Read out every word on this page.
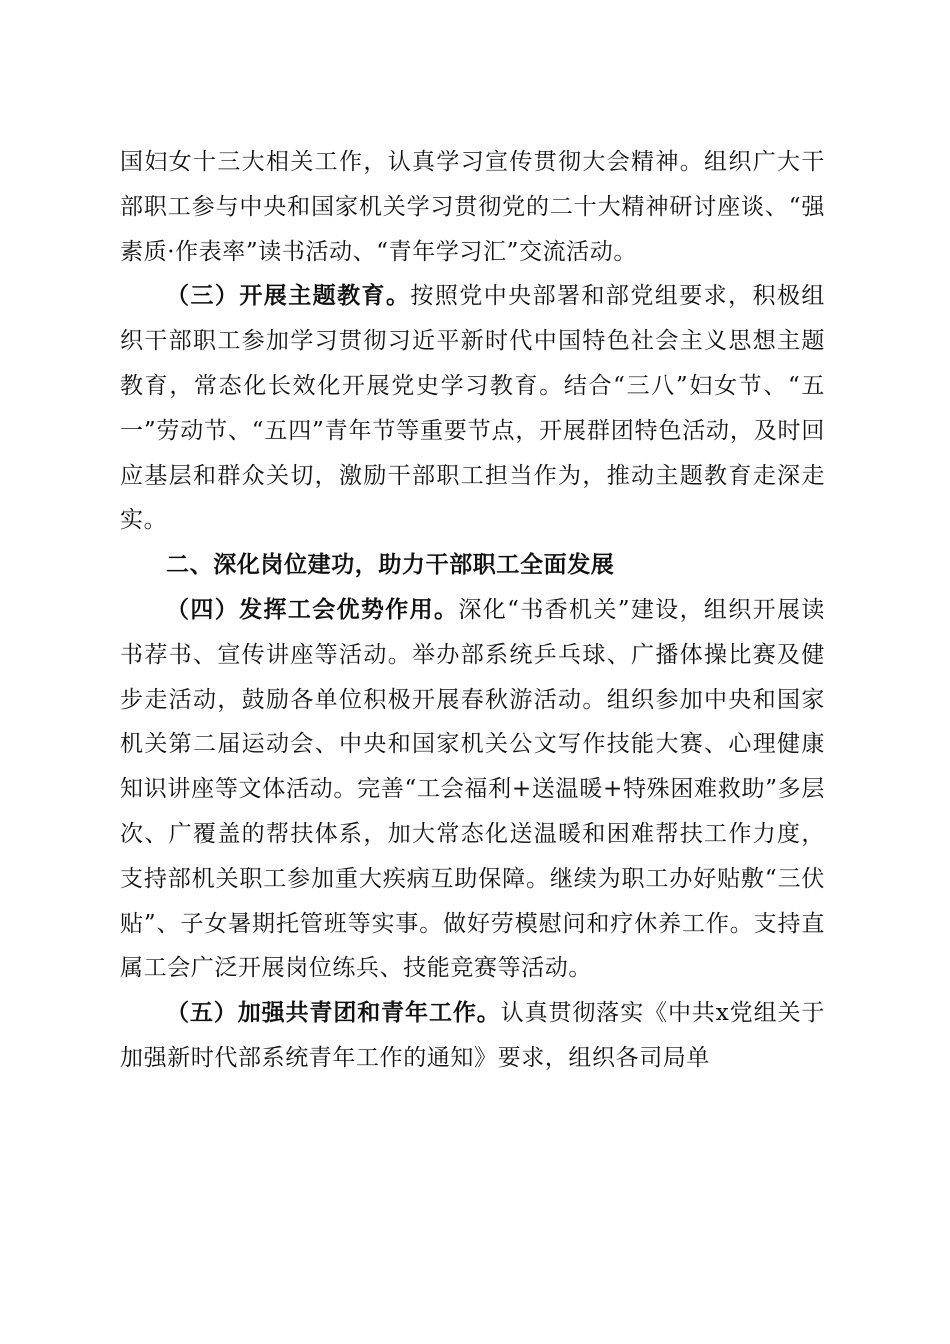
国妇女十三大相关工作，认真学习宣传贯彻大会精神。组织广大干部职工参与中央和国家机关学习贯彻党的二十大精神研讨座谈、“强素质·作表率”读书活动、“青年学习汇”交流活动。

（三）开展主题教育。按照党中央部署和部党组要求，积极组织干部职工参加学习贯彻习近平新时代中国特色社会主义思想主题教育，常态化长效化开展党史学习教育。结合“三八”妇女节、“五一”劳动节、“五四”青年节等重要节点，开展群团特色活动，及时回应基层和群众关切，激励干部职工担当作为，推动主题教育走深走实。

二、深化岗位建功，助力干部职工全面发展

（四）发挥工会优势作用。深化“书香机关”建设，组织开展读书荐书、宣传讲座等活动。举办部系统乒乓球、广播体操比赛及健步走活动，鼓励各单位积极开展春秋游活动。组织参加中央和国家机关第二届运动会、中央和国家机关公文写作技能大赛、心理健康知识讲座等文体活动。完善“工会福利+送温暖+特殊困难救助”多层次、广覆盖的帮扶体系，加大常态化送温暖和困难帮扶工作力度，支持部机关职工参加重大疾病互助保障。继续为职工办好贴敷“三伏贴”、子女暑期托管班等实事。做好劳模慰问和疗休养工作。支持直属工会广泛开展岗位练兵、技能竞赛等活动。

（五）加强共青团和青年工作。认真贯彻落实《中共x党组关于加强新时代部系统青年工作的通知》要求，组织各司局单
